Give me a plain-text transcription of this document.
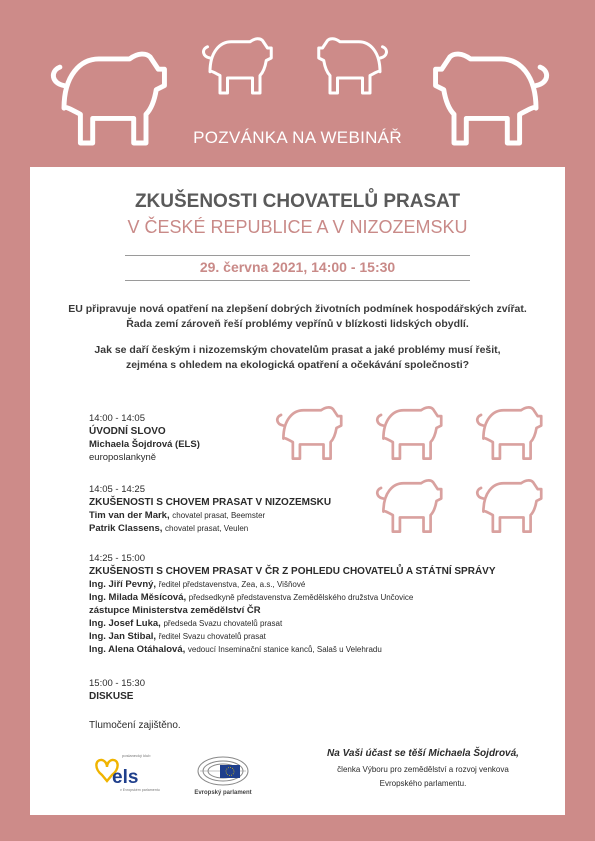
POZVÁNKA NA WEBINÁŘ
ZKUŠENOSTI CHOVATELŮ PRASAT
V ČESKÉ REPUBLICE A V NIZOZEMSKU
29. června 2021, 14:00 - 15:30
EU připravuje nová opatření na zlepšení dobrých životních podmínek hospodářských zvířat.
Řada zemí zároveň řeší problémy vepřínů v blízkosti lidských obydlí.
Jak se daří českým i nizozemským chovatelům prasat a jaké problémy musí řešit,
zejména s ohledem na ekologická opatření a očekávání společnosti?
14:00 - 14:05
ÚVODNÍ SLOVO
Michaela Šojdrová (ELS)
europoslankyně
14:05 - 14:25
ZKUŠENOSTI S CHOVEM PRASAT V NIZOZEMSKU
Tim van der Mark, chovatel prasat, Beemster
Patrik Classens, chovatel prasat, Veulen
14:25 - 15:00
ZKUŠENOSTI S CHOVEM PRASAT V ČR Z POHLEDU CHOVATELŮ A STÁTNÍ SPRÁVY
Ing. Jiří Pevný, ředitel představenstva, Zea, a.s., Višňové
Ing. Milada Měsícová, předsedkyně představenstva Zemědělského družstva Unčovice
zástupce Ministerstva zemědělství ČR
Ing. Josef Luka, předseda Svazu chovatelů prasat
Ing. Jan Stibal, ředitel Svazu chovatelů prasat
Ing. Alena Otáhalová, vedoucí Inseminační stanice kanců, Salaš u Velehradu
15:00 - 15:30
DISKUSE
Tlumočení zajištěno.
poslanecký klub
els
v Evropském parlamentu	Evropský parlament
Na Vaši účast se těší Michaela Šojdrová,
členka Výboru pro zemědělství a rozvoj venkova
Evropského parlamentu.
